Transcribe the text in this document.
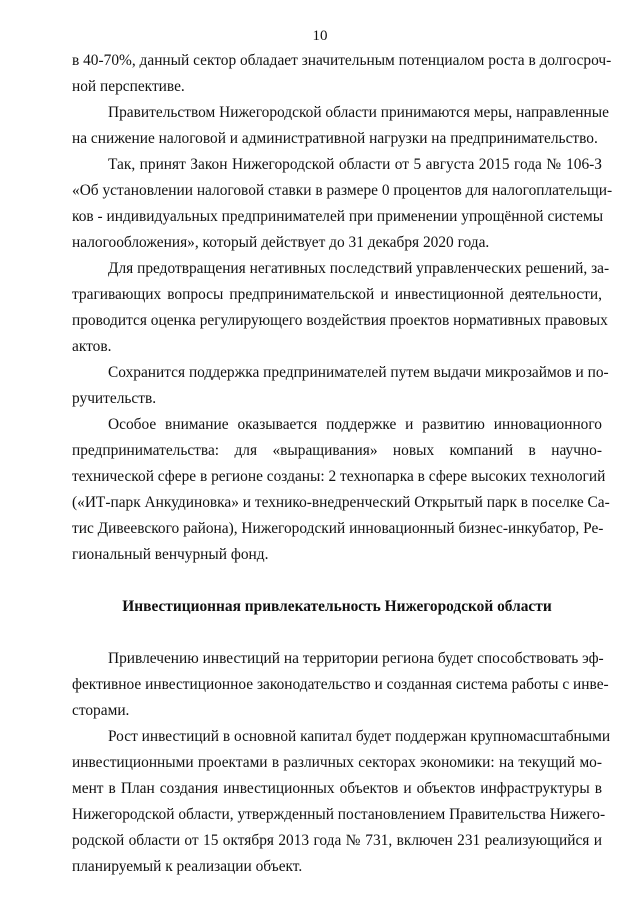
10
в 40-70%, данный сектор обладает значительным потенциалом роста в долгосроч-
ной перспективе.
Правительством Нижегородской области принимаются меры, направленные
на снижение налоговой и административной нагрузки на предпринимательство.
Так, принят Закон Нижегородской области от 5 августа 2015 года № 106-З
«Об установлении налоговой ставки в размере 0 процентов для налогоплательщи-
ков - индивидуальных предпринимателей при применении упрощённой системы
налогообложения», который действует до 31 декабря 2020 года.
Для предотвращения негативных последствий управленческих решений, за-
трагивающих вопросы предпринимательской и инвестиционной деятельности,
проводится оценка регулирующего воздействия проектов нормативных правовых
актов.
Сохранится поддержка предпринимателей путем выдачи микрозаймов и по-
ручительств.
Особое внимание оказывается поддержке и развитию инновационного
предпринимательства: для «выращивания» новых компаний в научно-
технической сфере в регионе созданы: 2 технопарка в сфере высоких технологий
(«ИТ-парк Анкудиновка» и технико-внедренческий Открытый парк в поселке Са-
тис Дивеевского района), Нижегородский инновационный бизнес-инкубатор, Ре-
гиональный венчурный фонд.
Инвестиционная привлекательность Нижегородской области
Привлечению инвестиций на территории региона будет способствовать эф-
фективное инвестиционное законодательство и созданная система работы с инве-
сторами.
Рост инвестиций в основной капитал будет поддержан крупномасштабными
инвестиционными проектами в различных секторах экономики: на текущий мо-
мент в План создания инвестиционных объектов и объектов инфраструктуры в
Нижегородской области, утвержденный постановлением Правительства Нижего-
родской области от 15 октября 2013 года № 731, включен 231 реализующийся и
планируемый к реализации объект.
